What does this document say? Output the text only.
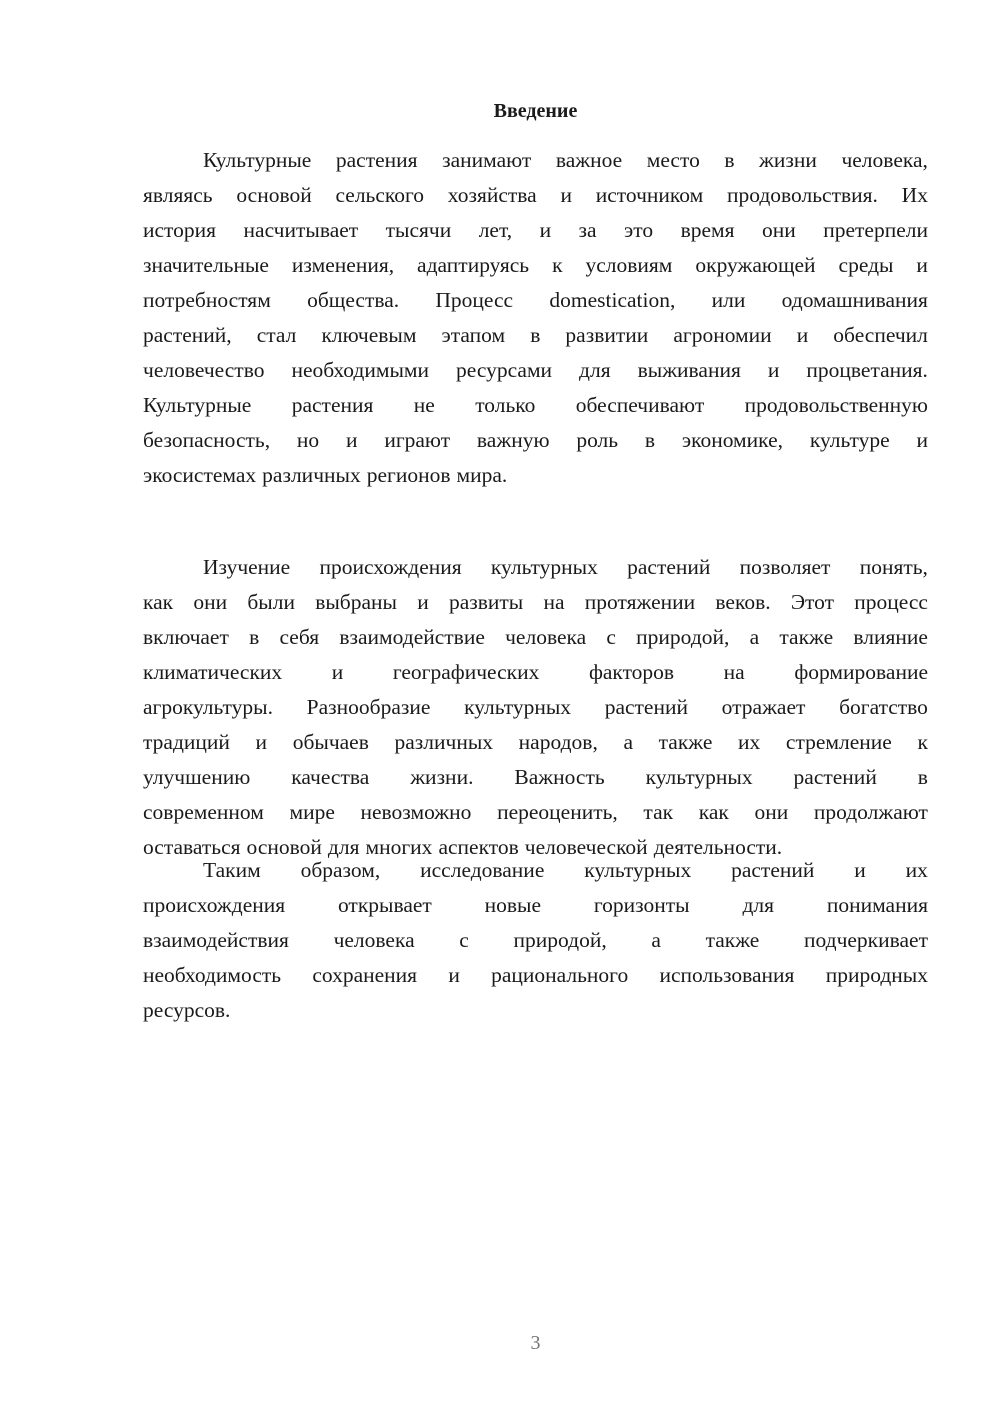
Введение
Культурные растения занимают важное место в жизни человека,
являясь основой сельского хозяйства и источником продовольствия. Их
история насчитывает тысячи лет, и за это время они претерпели
значительные изменения, адаптируясь к условиям окружающей среды и
потребностям общества. Процесс domestication, или одомашнивания
растений, стал ключевым этапом в развитии агрономии и обеспечил
человечество необходимыми ресурсами для выживания и процветания.
Культурные растения не только обеспечивают продовольственную
безопасность, но и играют важную роль в экономике, культуре и
экосистемах различных регионов мира.
Изучение происхождения культурных растений позволяет понять,
как они были выбраны и развиты на протяжении веков. Этот процесс
включает в себя взаимодействие человека с природой, а также влияние
климатических и географических факторов на формирование
агрокультуры. Разнообразие культурных растений отражает богатство
традиций и обычаев различных народов, а также их стремление к
улучшению качества жизни. Важность культурных растений в
современном мире невозможно переоценить, так как они продолжают
оставаться основой для многих аспектов человеческой деятельности.
Таким образом, исследование культурных растений и их
происхождения открывает новые горизонты для понимания
взаимодействия человека с природой, а также подчеркивает
необходимость сохранения и рационального использования природных
ресурсов.
3
